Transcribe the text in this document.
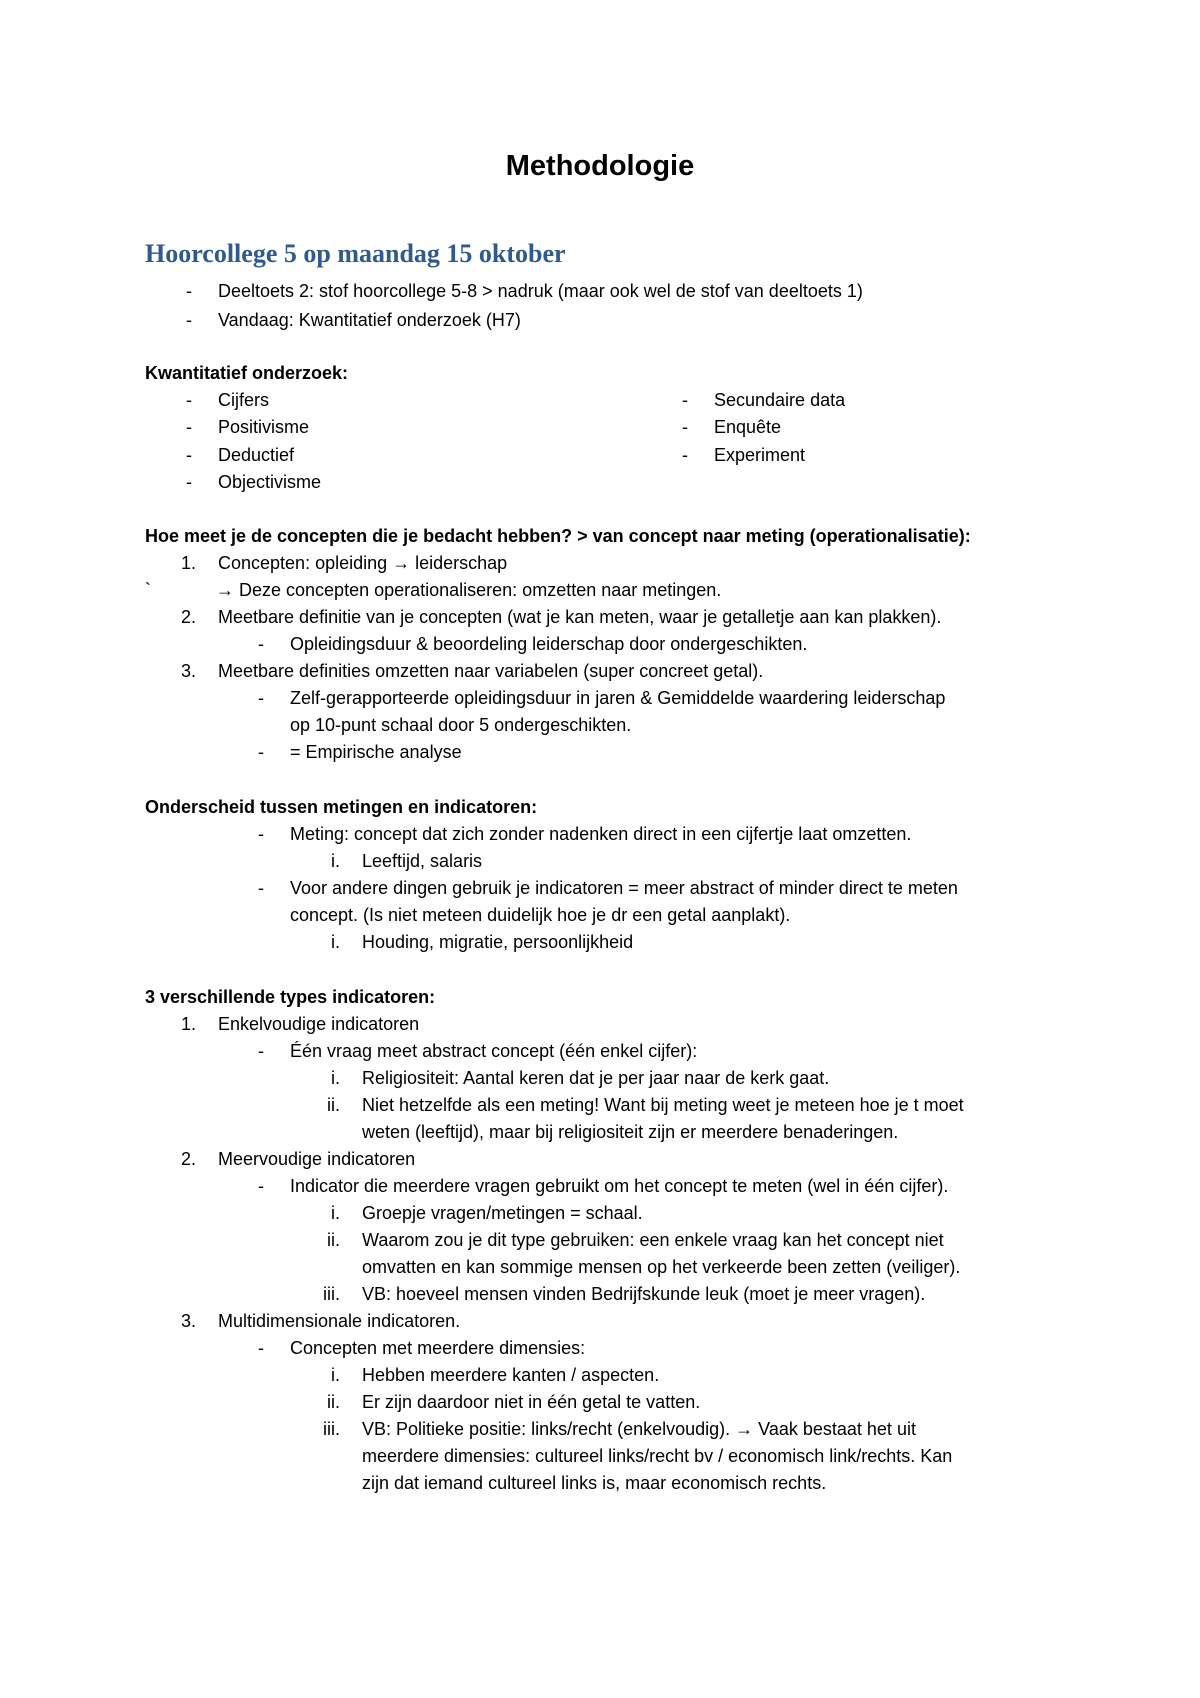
Methodologie
Hoorcollege 5 op maandag 15 oktober
- Deeltoets 2: stof hoorcollege 5-8 > nadruk (maar ook wel de stof van deeltoets 1)
- Vandaag: Kwantitatief onderzoek (H7)
Kwantitatief onderzoek:
- Cijfers
- Positivisme
- Deductief
- Objectivisme
- Secundaire data
- Enquête
- Experiment
Hoe meet je de concepten die je bedacht hebben? > van concept naar meting (operationalisatie):
1. Concepten: opleiding → leiderschap
`	→ Deze concepten operationaliseren: omzetten naar metingen.
2. Meetbare definitie van je concepten (wat je kan meten, waar je getalletje aan kan plakken).
- Opleidingsduur & beoordeling leiderschap door ondergeschikten.
3. Meetbare definities omzetten naar variabelen (super concreet getal).
- Zelf-gerapporteerde opleidingsduur in jaren & Gemiddelde waardering leiderschap
op 10-punt schaal door 5 ondergeschikten.
- = Empirische analyse
Onderscheid tussen metingen en indicatoren:
- Meting: concept dat zich zonder nadenken direct in een cijfertje laat omzetten.
i. Leeftijd, salaris
- Voor andere dingen gebruik je indicatoren = meer abstract of minder direct te meten
concept. (Is niet meteen duidelijk hoe je dr een getal aanplakt).
i. Houding, migratie, persoonlijkheid
3 verschillende types indicatoren:
1. Enkelvoudige indicatoren
- Één vraag meet abstract concept (één enkel cijfer):
i. Religiositeit: Aantal keren dat je per jaar naar de kerk gaat.
ii. Niet hetzelfde als een meting! Want bij meting weet je meteen hoe je t moet
weten (leeftijd), maar bij religiositeit zijn er meerdere benaderingen.
2. Meervoudige indicatoren
- Indicator die meerdere vragen gebruikt om het concept te meten (wel in één cijfer).
i. Groepje vragen/metingen = schaal.
ii. Waarom zou je dit type gebruiken: een enkele vraag kan het concept niet
omvatten en kan sommige mensen op het verkeerde been zetten (veiliger).
iii. VB: hoeveel mensen vinden Bedrijfskunde leuk (moet je meer vragen).
3. Multidimensionale indicatoren.
- Concepten met meerdere dimensies:
i. Hebben meerdere kanten / aspecten.
ii. Er zijn daardoor niet in één getal te vatten.
iii. VB: Politieke positie: links/recht (enkelvoudig). → Vaak bestaat het uit
meerdere dimensies: cultureel links/recht bv / economisch link/rechts. Kan
zijn dat iemand cultureel links is, maar economisch rechts.
